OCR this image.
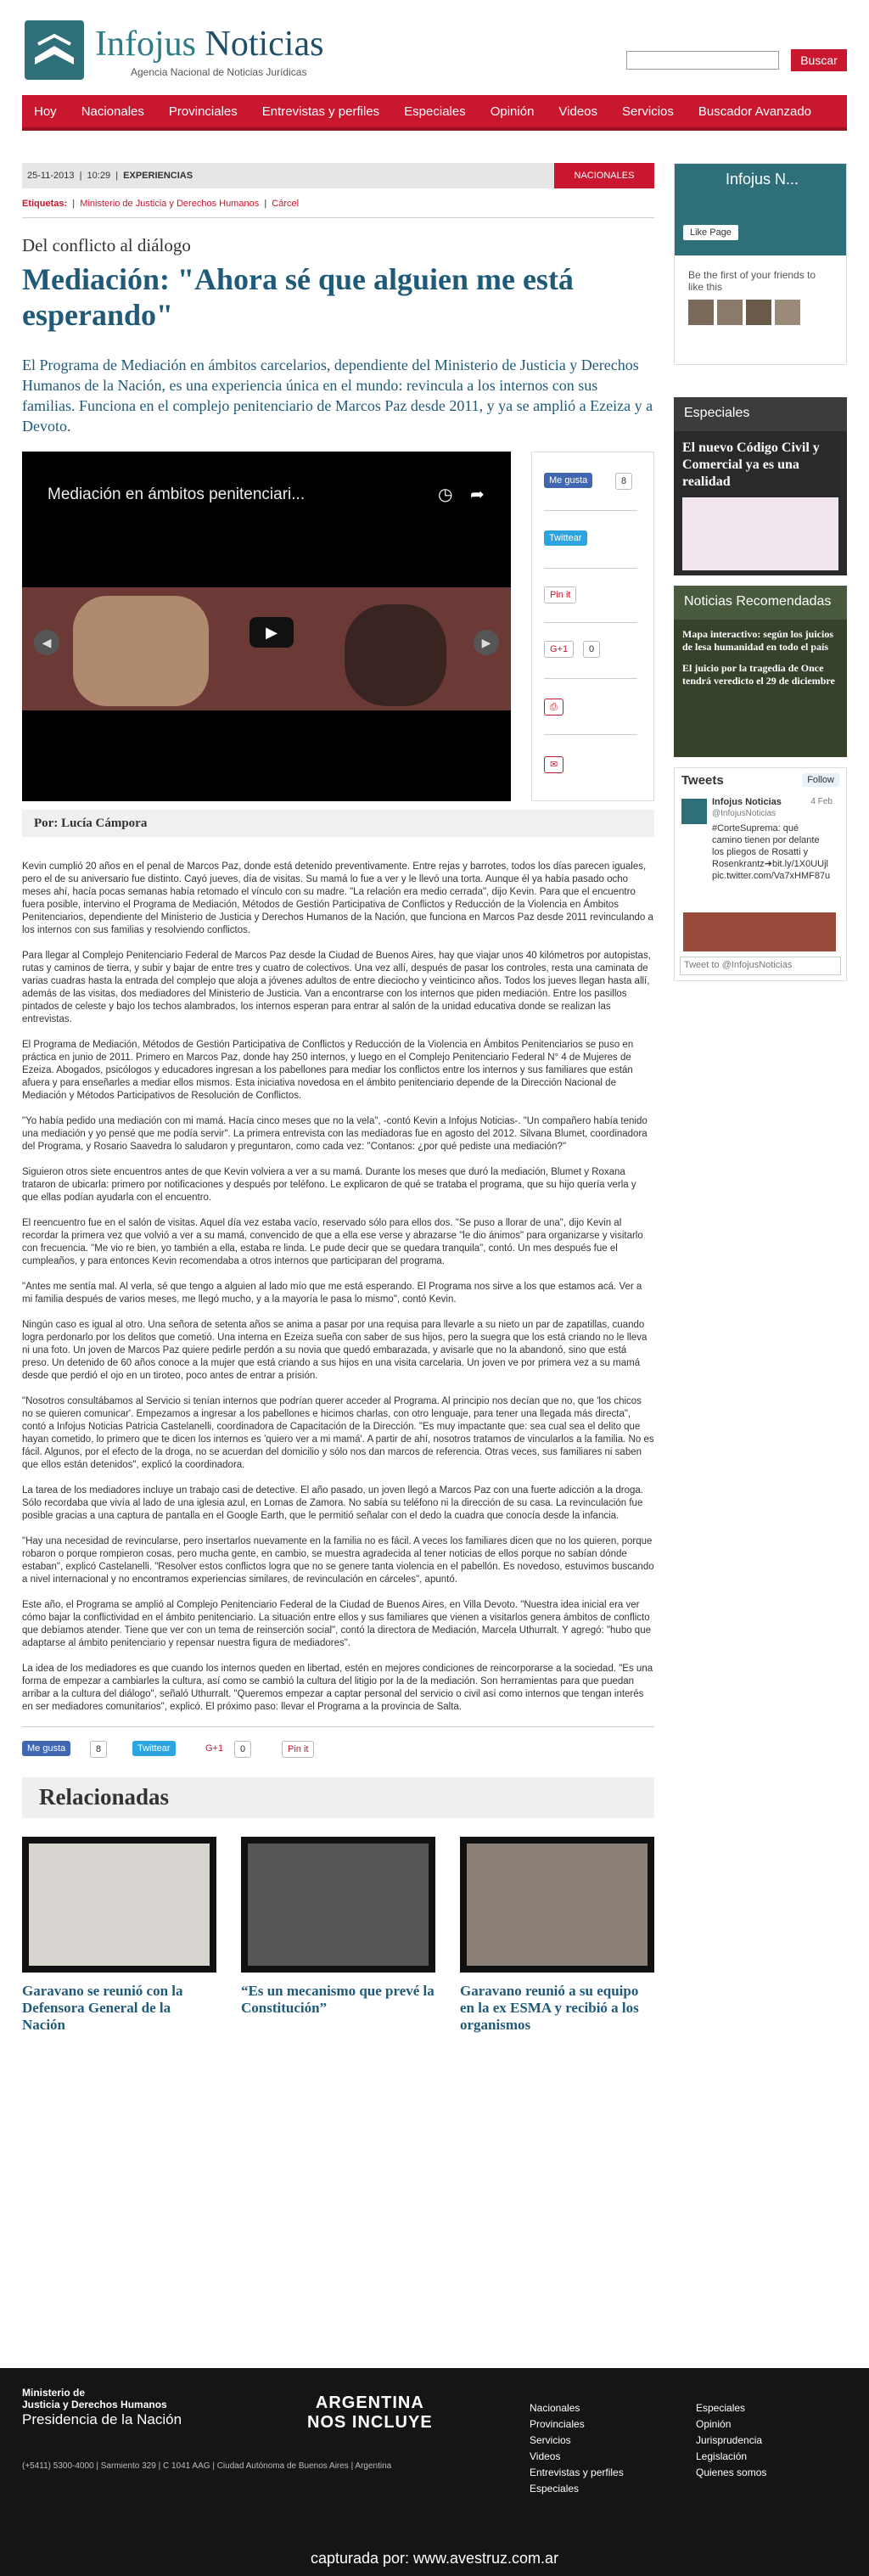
Infojus Noticias
Agencia Nacional de Noticias Jurídicas
Buscar
Hoy Nacionales Provinciales Entrevistas y perfiles Especiales Opinión Videos Servicios Buscador Avanzado
25-11-2013  |  10:29  |  EXPERIENCIAS	NACIONALES
Etiquetas:  |  Ministerio de Justicia y Derechos Humanos  |  Cárcel
Del conflicto al diálogo
Mediación: "Ahora sé que alguien me está esperando"
El Programa de Mediación en ámbitos carcelarios, dependiente del Ministerio de Justicia y Derechos Humanos de la Nación, es una experiencia única en el mundo: revincula a los internos con sus familias. Funciona en el complejo penitenciario de Marcos Paz desde 2011, y ya se amplió a Ezeiza y a Devoto.
Mediación en ámbitos penitenciari...	◷ ➦
▶
◀	▶
Me gusta	8
Twittear
Pin it
G+1	0
⎙
✉
Por: Lucía Cámpora

Kevin cumplió 20 años en el penal de Marcos Paz, donde está detenido preventivamente. Entre rejas y barrotes, todos los días parecen iguales, pero el de su aniversario fue distinto. Cayó jueves, día de visitas. Su mamá lo fue a ver y le llevó una torta. Aunque él ya había pasado ocho meses ahí, hacía pocas semanas había retomado el vínculo con su madre. "La relación era medio cerrada", dijo Kevin. Para que el encuentro fuera posible, intervino el Programa de Mediación, Métodos de Gestión Participativa de Conflictos y Reducción de la Violencia en Ámbitos Penitenciarios, dependiente del Ministerio de Justicia y Derechos Humanos de la Nación, que funciona en Marcos Paz desde 2011 revinculando a los internos con sus familias y resolviendo conflictos.

Para llegar al Complejo Penitenciario Federal de Marcos Paz desde la Ciudad de Buenos Aires, hay que viajar unos 40 kilómetros por autopistas, rutas y caminos de tierra, y subir y bajar de entre tres y cuatro de colectivos. Una vez allí, después de pasar los controles, resta una caminata de varias cuadras hasta la entrada del complejo que aloja a jóvenes adultos de entre dieciocho y veinticinco años. Todos los jueves llegan hasta allí, además de las visitas, dos mediadores del Ministerio de Justicia. Van a encontrarse con los internos que piden mediación. Entre los pasillos pintados de celeste y bajo los techos alambrados, los internos esperan para entrar al salón de la unidad educativa donde se realizan las entrevistas.

El Programa de Mediación, Métodos de Gestión Participativa de Conflictos y Reducción de la Violencia en Ámbitos Penitenciarios se puso en práctica en junio de 2011. Primero en Marcos Paz, donde hay 250 internos, y luego en el Complejo Penitenciario Federal N° 4 de Mujeres de Ezeiza. Abogados, psicólogos y educadores ingresan a los pabellones para mediar los conflictos entre los internos y sus familiares que están afuera y para enseñarles a mediar ellos mismos. Esta iniciativa novedosa en el ámbito penitenciario depende de la Dirección Nacional de Mediación y Métodos Participativos de Resolución de Conflictos.

"Yo había pedido una mediación con mi mamá. Hacía cinco meses que no la vela", -contó Kevin a Infojus Noticias-. "Un compañero había tenido una mediación y yo pensé que me podía servir". La primera entrevista con las mediadoras fue en agosto del 2012. Silvana Blumet, coordinadora del Programa, y Rosario Saavedra lo saludaron y preguntaron, como cada vez: "Contanos: ¿por qué pediste una mediación?"

Siguieron otros siete encuentros antes de que Kevin volviera a ver a su mamá. Durante los meses que duró la mediación, Blumet y Roxana trataron de ubicarla: primero por notificaciones y después por teléfono. Le explicaron de qué se trataba el programa, que su hijo quería verla y que ellas podían ayudarla con el encuentro.

El reencuentro fue en el salón de visitas. Aquel día vez estaba vacío, reservado sólo para ellos dos. "Se puso a llorar de una", dijo Kevin al recordar la primera vez que volvió a ver a su mamá, convencido de que a ella ese verse y abrazarse "le dio ánimos" para organizarse y visitarlo con frecuencia. "Me vio re bien, yo también a ella, estaba re linda. Le pude decir que se quedara tranquila", contó. Un mes después fue el cumpleaños, y para entonces Kevin recomendaba a otros internos que participaran del programa.

"Antes me sentía mal. Al verla, sé que tengo a alguien al lado mío que me está esperando. El Programa nos sirve a los que estamos acá. Ver a mi familia después de varios meses, me llegó mucho, y a la mayoría le pasa lo mismo", contó Kevin.

Ningún caso es igual al otro. Una señora de setenta años se anima a pasar por una requisa para llevarle a su nieto un par de zapatillas, cuando logra perdonarlo por los delitos que cometió. Una interna en Ezeiza sueña con saber de sus hijos, pero la suegra que los está criando no le lleva ni una foto. Un joven de Marcos Paz quiere pedirle perdón a su novia que quedó embarazada, y avisarle que no la abandonó, sino que está preso. Un detenido de 60 años conoce a la mujer que está criando a sus hijos en una visita carcelaria. Un joven ve por primera vez a su mamá desde que perdió el ojo en un tiroteo, poco antes de entrar a prisión.

"Nosotros consultábamos al Servicio si tenían internos que podrían querer acceder al Programa. Al principio nos decían que no, que 'los chicos no se quieren comunicar'. Empezamos a ingresar a los pabellones e hicimos charlas, con otro lenguaje, para tener una llegada más directa", contó a Infojus Noticias Patricia Castelanelli, coordinadora de Capacitación de la Dirección. "Es muy impactante que: sea cual sea el delito que hayan cometido, lo primero que te dicen los internos es 'quiero ver a mi mamá'. A partir de ahí, nosotros tratamos de vincularlos a la familia. No es fácil. Algunos, por el efecto de la droga, no se acuerdan del domicilio y sólo nos dan marcos de referencia. Otras veces, sus familiares ni saben que ellos están detenidos", explicó la coordinadora.

La tarea de los mediadores incluye un trabajo casi de detective. El año pasado, un joven llegó a Marcos Paz con una fuerte adicción a la droga. Sólo recordaba que vivía al lado de una iglesia azul, en Lomas de Zamora. No sabía su teléfono ni la dirección de su casa. La revinculación fue posible gracias a una captura de pantalla en el Google Earth, que le permitió señalar con el dedo la cuadra que conocía desde la infancia.

"Hay una necesidad de revincularse, pero insertarlos nuevamente en la familia no es fácil. A veces los familiares dicen que no los quieren, porque robaron o porque rompieron cosas, pero mucha gente, en cambio, se muestra agradecida al tener noticias de ellos porque no sabían dónde estaban", explicó Castelanelli. "Resolver estos conflictos logra que no se genere tanta violencia en el pabellón. Es novedoso, estuvimos buscando a nivel internacional y no encontramos experiencias similares, de revinculación en cárceles", apuntó.

Este año, el Programa se amplió al Complejo Penitenciario Federal de la Ciudad de Buenos Aires, en Villa Devoto. "Nuestra idea inicial era ver cómo bajar la conflictividad en el ámbito penitenciario. La situación entre ellos y sus familiares que vienen a visitarlos genera ámbitos de conflicto que debíamos atender. Tiene que ver con un tema de reinserción social", contó la directora de Mediación, Marcela Uthurralt. Y agregó: "hubo que adaptarse al ámbito penitenciario y repensar nuestra figura de mediadores".

La idea de los mediadores es que cuando los internos queden en libertad, estén en mejores condiciones de reincorporarse a la sociedad. "Es una forma de empezar a cambiarles la cultura, así como se cambió la cultura del litigio por la de la mediación. Son herramientas para que puedan arribar a la cultura del diálogo", señaló Uthurralt. "Queremos empezar a captar personal del servicio o civil así como internos que tengan interés en ser mediadores comunitarios", explicó. El próximo paso: llevar el Programa a la provincia de Salta.

Me gusta	8	Twittear	G+1	0	Pin it
Relacionadas
Garavano se reunió con la Defensora General de la Nación
“Es un mecanismo que prevé la Constitución”
Garavano reunió a su equipo en la ex ESMA y recibió a los organismos
Infojus N...
Like Page
Be the first of your friends to like this
Especiales
El nuevo Código Civil y Comercial ya es una realidad
Noticias Recomendadas
Mapa interactivo: según los juicios de lesa humanidad en todo el país
El juicio por la tragedia de Once tendrá veredicto el 29 de diciembre
Tweets	Follow
Infojus Noticias	4 Feb
@InfojusNoticias
#CorteSuprema: qué camino tienen por delante los pliegos de Rosatti y Rosenkrantz➜bit.ly/1X0UUjl pic.twitter.com/Va7xHMF87u
Tweet to @InfojusNoticias
Ministerio de
Justicia y Derechos Humanos
Presidencia de la Nación
ARGENTINA
NOS INCLUYE
(+5411) 5300-4000 | Sarmiento 329 | C 1041 AAG | Ciudad Autónoma de Buenos Aires | Argentina
Nacionales
Provinciales
Servicios
Videos
Entrevistas y perfiles
Especiales
Especiales
Opinión
Jurisprudencia
Legislación
Quienes somos
capturada por: www.avestruz.com.ar
